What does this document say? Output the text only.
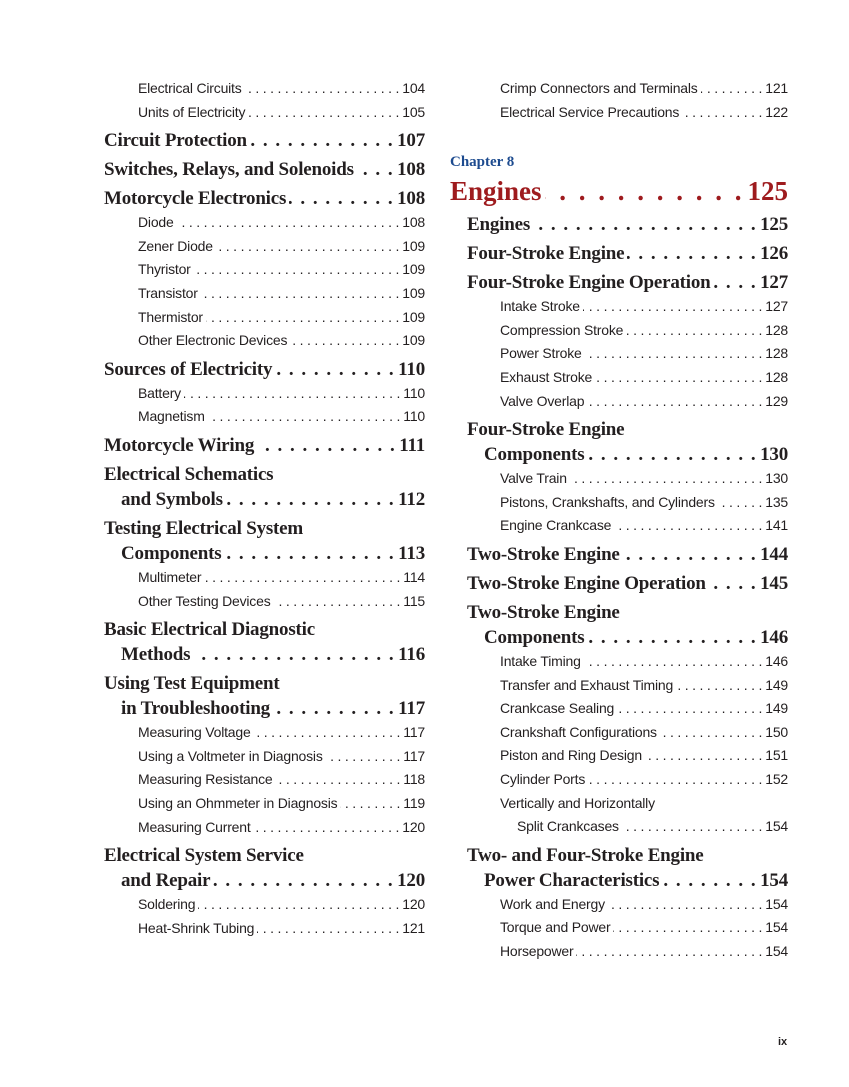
Electrical Circuits . . .	104
Units of Electricity . . .	105
Circuit Protection . . .	107
Switches, Relays, and Solenoids . . . 108
Motorcycle Electronics . . .	108
Diode . . .	108
Zener Diode . . .	109
Thyristor . . .	109
Transistor . . .	109
Thermistor . . .	109
Other Electronic Devices . . .	109
Sources of Electricity . . .	110
Battery . . .	110
Magnetism . . .	110
Motorcycle Wiring . . .	111
Electrical Schematics
and Symbols . . .	112
Testing Electrical System
Components . . .	113
Multimeter . . .	114
Other Testing Devices . . .	115
Basic Electrical Diagnostic
Methods . . .	116
Using Test Equipment
in Troubleshooting . . .	117
Measuring Voltage . . .	117
Using a Voltmeter in Diagnosis . . .	117
Measuring Resistance . . .	118
Using an Ohmmeter in Diagnosis . . .	119
Measuring Current . . .	120
Electrical System Service
and Repair . . .	120
Soldering . . .	120
Heat-Shrink Tubing . . .	121
Crimp Connectors and Terminals . . .	121
Electrical Service Precautions . . .	122
Chapter 8
Engines . . .	125
Engines . . .	125
Four-Stroke Engine . . .	126
Four-Stroke Engine Operation . . .	127
Intake Stroke . . .	127
Compression Stroke . . .	128
Power Stroke . . .	128
Exhaust Stroke . . .	128
Valve Overlap . . .	129
Four-Stroke Engine
Components . . .	130
Valve Train . . .	130
Pistons, Crankshafts, and Cylinders . . .	135
Engine Crankcase . . .	141
Two-Stroke Engine . . .	144
Two-Stroke Engine Operation . . .	145
Two-Stroke Engine
Components . . .	146
Intake Timing . . .	146
Transfer and Exhaust Timing . . .	149
Crankcase Sealing . . .	149
Crankshaft Configurations . . .	150
Piston and Ring Design . . .	151
Cylinder Ports . . .	152
Vertically and Horizontally
Split Crankcases . . .	154
Two- and Four-Stroke Engine
Power Characteristics . . .	154
Work and Energy . . .	154
Torque and Power . . .	154
Horsepower . . .	154
ix
